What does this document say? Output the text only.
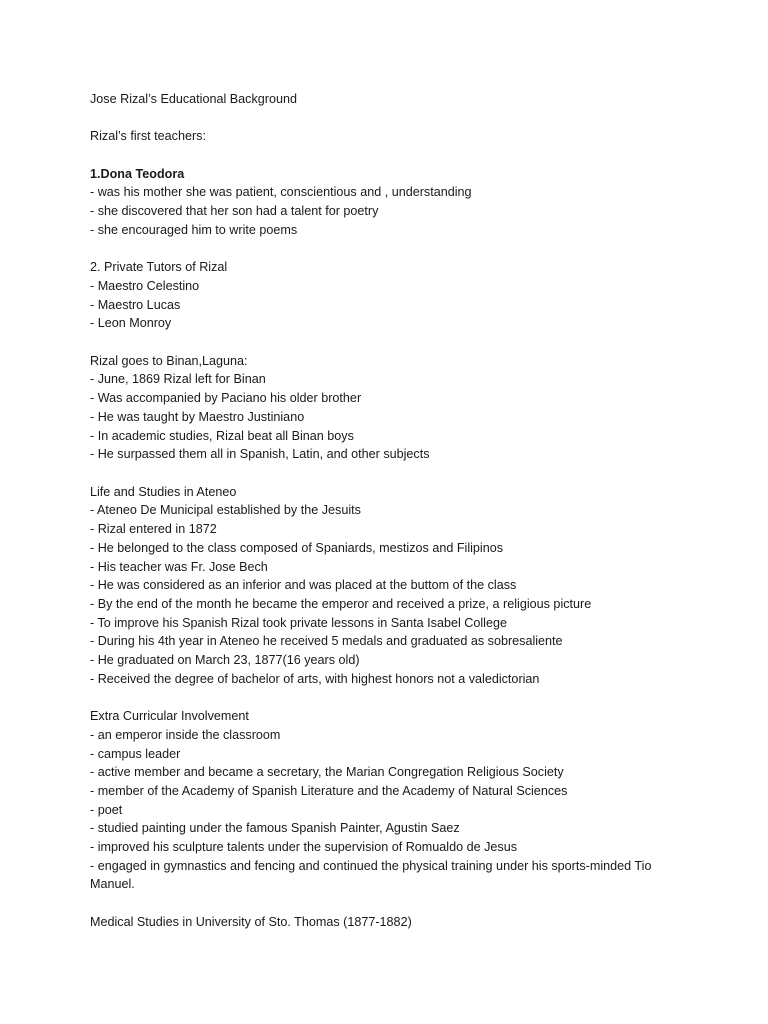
Jose Rizal’s Educational Background
Rizal’s first teachers:
1.Dona Teodora
- was his mother she was patient, conscientious and , understanding
- she discovered that her son had a talent for poetry
- she encouraged him to write poems
2. Private Tutors of Rizal
- Maestro Celestino
- Maestro Lucas
- Leon Monroy
Rizal goes to Binan,Laguna:
- June, 1869 Rizal left for Binan
- Was accompanied by Paciano his older brother
- He was taught by Maestro Justiniano
- In academic studies, Rizal beat all Binan boys
- He surpassed them all in Spanish, Latin, and other subjects
Life and Studies in Ateneo
- Ateneo De Municipal established by the Jesuits
- Rizal entered in 1872
- He belonged to the class composed of Spaniards, mestizos and Filipinos
- His teacher was Fr. Jose Bech
- He was considered as an inferior and was placed at the buttom of the class
- By the end of the month he became the emperor and received a prize, a religious picture
- To improve his Spanish Rizal took private lessons in Santa Isabel College
- During his 4th year in Ateneo he received 5 medals and graduated as sobresaliente
- He graduated on March 23, 1877(16 years old)
- Received the degree of bachelor of arts, with highest honors not a valedictorian
Extra Curricular Involvement
- an emperor inside the classroom
- campus leader
- active member and became a secretary, the Marian Congregation Religious Society
- member of the Academy of Spanish Literature and the Academy of Natural Sciences
- poet
- studied painting under the famous Spanish Painter, Agustin Saez
- improved his sculpture talents under the supervision of Romualdo de Jesus
- engaged in gymnastics and fencing and continued the physical training under his sports-minded Tio Manuel.
Medical Studies in University of Sto. Thomas (1877-1882)
